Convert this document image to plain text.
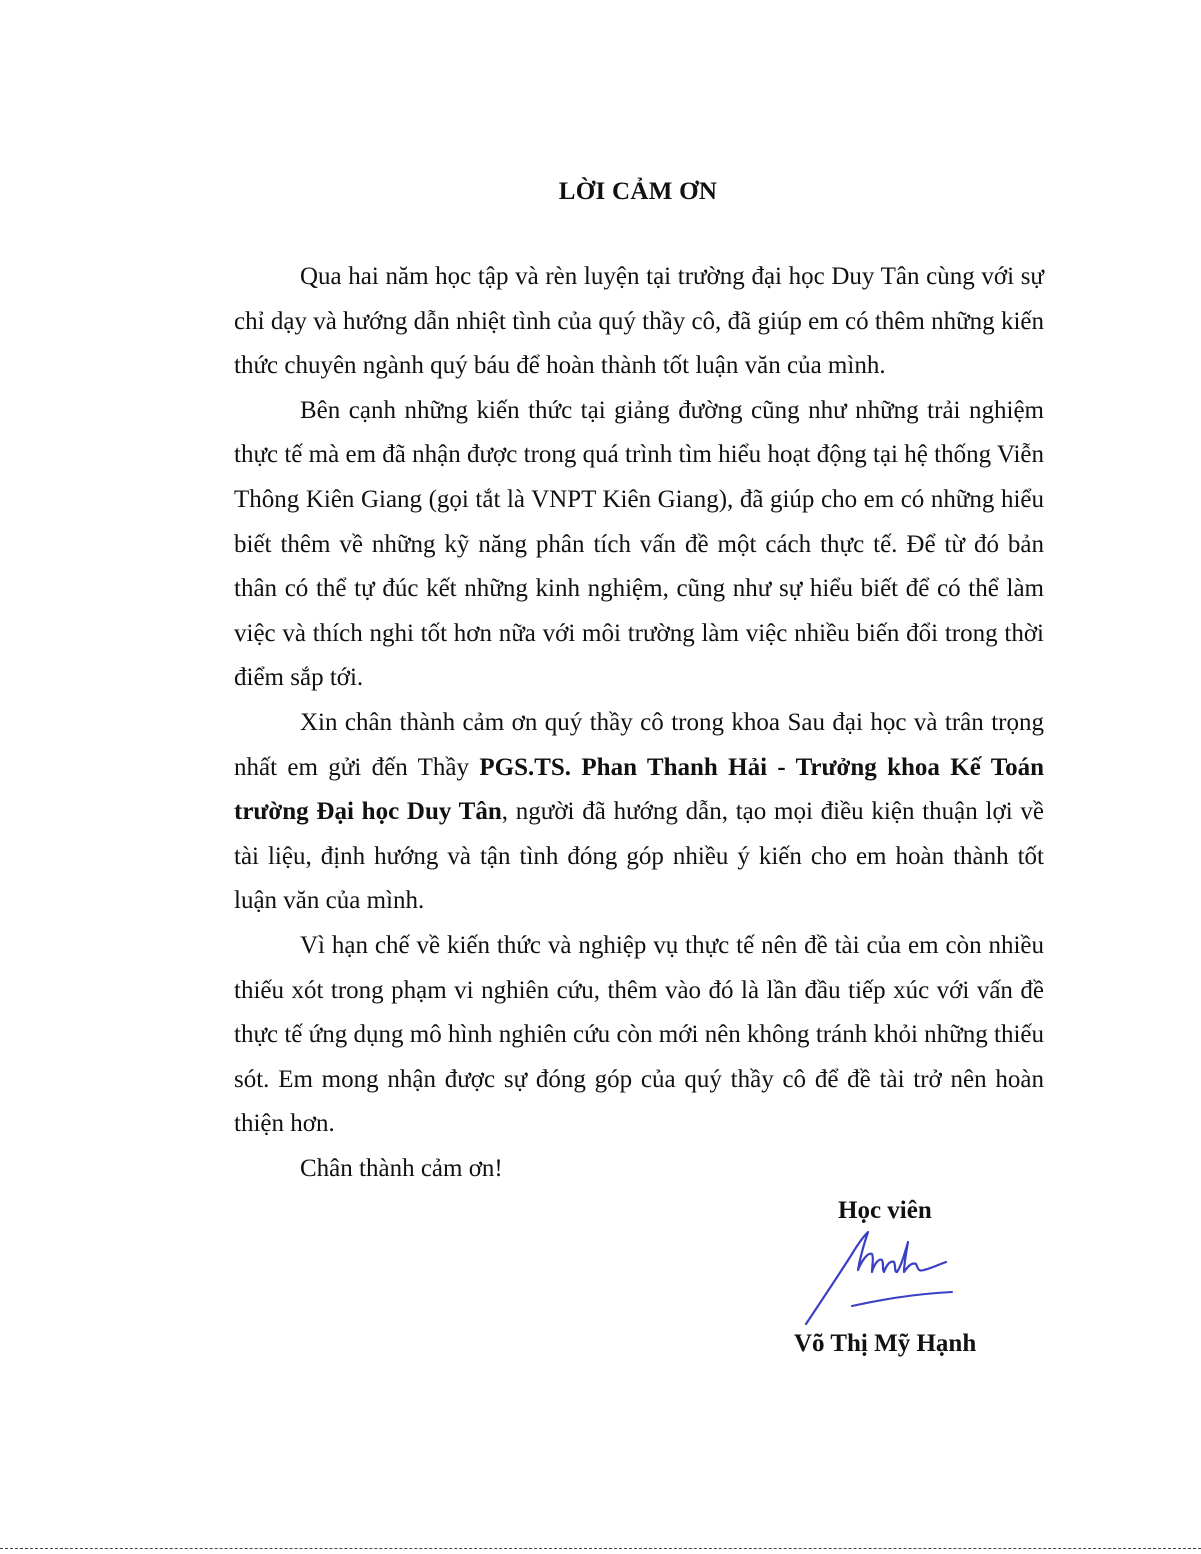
LỜI CẢM ƠN

Qua hai năm học tập và rèn luyện tại trường đại học Duy Tân cùng với sự chỉ dạy và hướng dẫn nhiệt tình của quý thầy cô, đã giúp em có thêm những kiến thức chuyên ngành quý báu để hoàn thành tốt luận văn của mình.

Bên cạnh những kiến thức tại giảng đường cũng như những trải nghiệm thực tế mà em đã nhận được trong quá trình tìm hiểu hoạt động tại hệ thống Viễn Thông Kiên Giang (gọi tắt là VNPT Kiên Giang), đã giúp cho em có những hiểu biết thêm về những kỹ năng phân tích vấn đề một cách thực tế. Để từ đó bản thân có thể tự đúc kết những kinh nghiệm, cũng như sự hiểu biết để có thể làm việc và thích nghi tốt hơn nữa với môi trường làm việc nhiều biến đổi trong thời điểm sắp tới.

Xin chân thành cảm ơn quý thầy cô trong khoa Sau đại học và trân trọng nhất em gửi đến Thầy PGS.TS. Phan Thanh Hải - Trưởng khoa Kế Toán trường Đại học Duy Tân, người đã hướng dẫn, tạo mọi điều kiện thuận lợi về tài liệu, định hướng và tận tình đóng góp nhiều ý kiến cho em hoàn thành tốt luận văn của mình.

Vì hạn chế về kiến thức và nghiệp vụ thực tế nên đề tài của em còn nhiều thiếu xót trong phạm vi nghiên cứu, thêm vào đó là lần đầu tiếp xúc với vấn đề thực tế ứng dụng mô hình nghiên cứu còn mới nên không tránh khỏi những thiếu sót. Em mong nhận được sự đóng góp của quý thầy cô để đề tài trở nên hoàn thiện hơn.

Chân thành cảm ơn!

Học viên

Võ Thị Mỹ Hạnh
